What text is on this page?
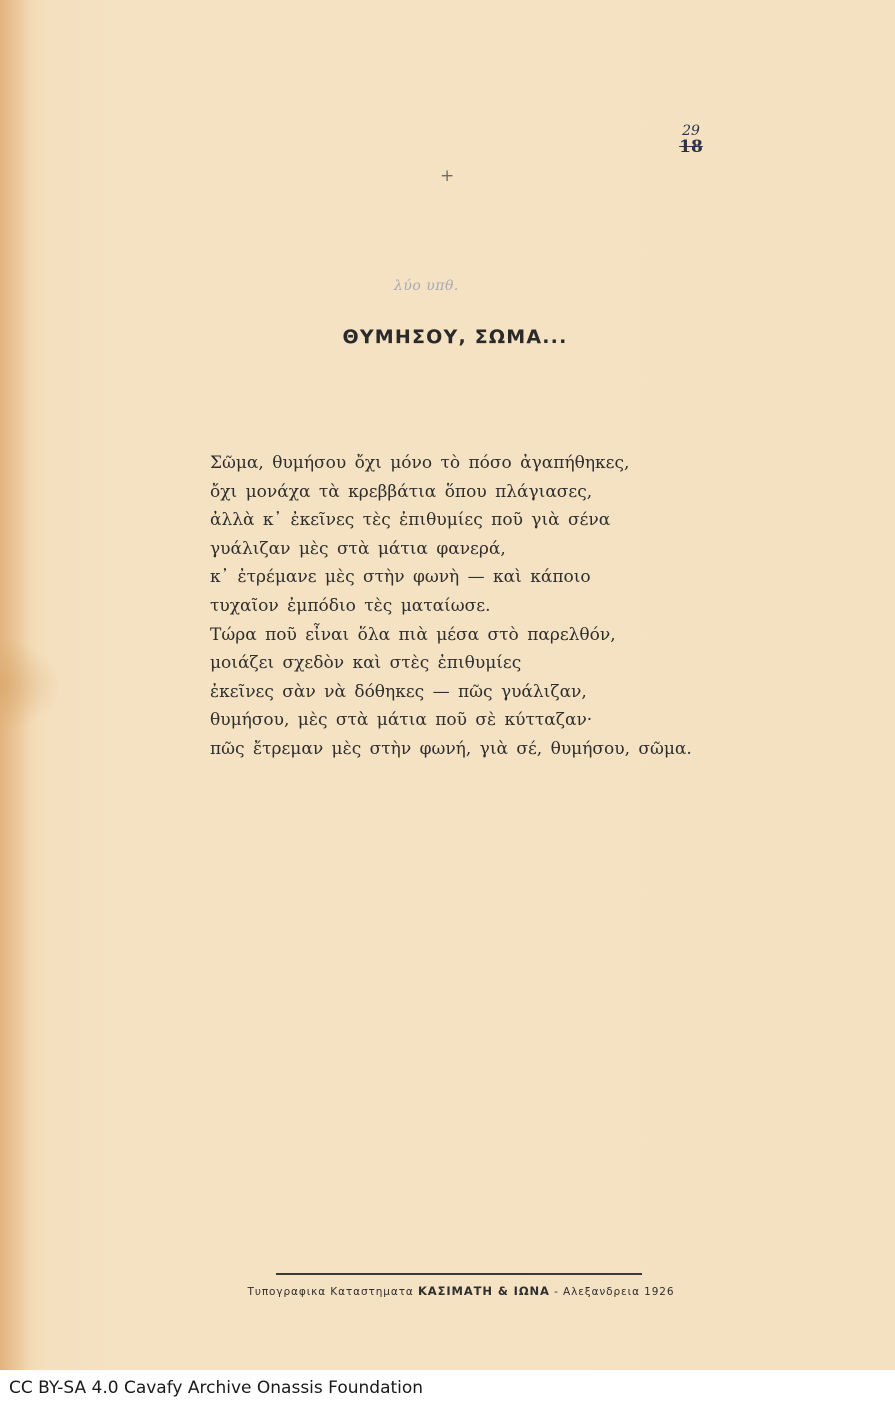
29
18
+
λύο υπθ.
ΘΥΜΗΣΟΥ, ΣΩΜΑ...
Σῶμα, θυμήσου ὄχι μόνο τὸ πόσο ἀγαπήθηκες,
ὄχι μονάχα τὰ κρεββάτια ὅπου πλάγιασες,
ἀλλὰ κ᾿ ἐκεῖνες τὲς ἐπιθυμίες ποῦ γιὰ σένα
γυάλιζαν μὲς στὰ μάτια φανερά,
κ᾿ ἐτρέμανε μὲς στὴν φωνὴ — καὶ κάποιο
τυχαῖον ἐμπόδιο τὲς ματαίωσε.
Τώρα ποῦ εἶναι ὅλα πιὰ μέσα στὸ παρελθόν,
μοιάζει σχεδὸν καὶ στὲς ἐπιθυμίες
ἐκεῖνες σὰν νὰ δόθηκες — πῶς γυάλιζαν,
θυμήσου, μὲς στὰ μάτια ποῦ σὲ κύτταζαν·
πῶς ἔτρεμαν μὲς στὴν φωνή, γιὰ σέ, θυμήσου, σῶμα.
Τυπογραφικα Καταστηματα ΚΑΣΙΜΑΤΗ & ΙΩΝΑ - Αλεξανδρεια 1926
CC BY-SA 4.0 Cavafy Archive Onassis Foundation
